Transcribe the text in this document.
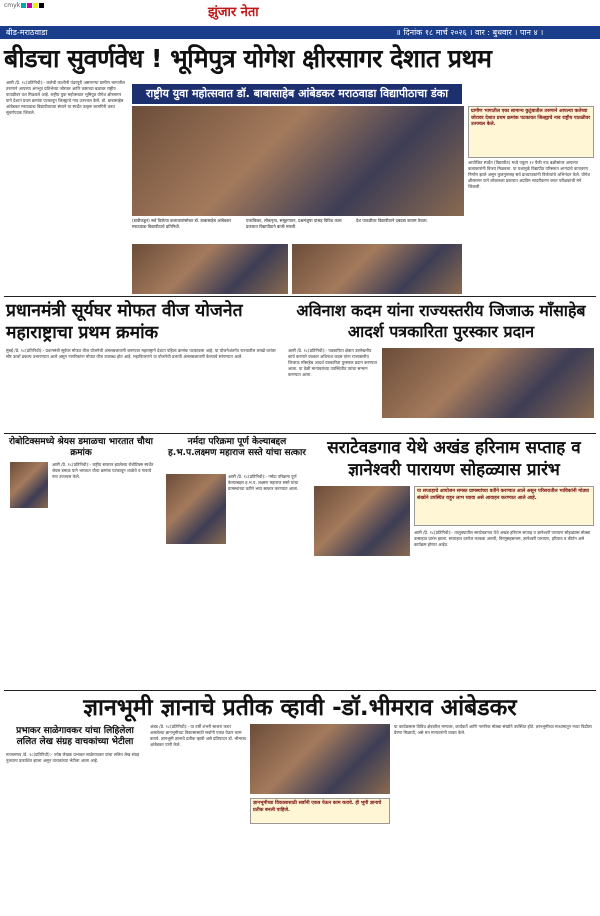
cmyk	झुंजार नेता
बीड-मराठवाडा	॥ दिनांक १८ मार्च २०२६ । वार : बुधवार । पान ४ ।
बीडचा सुवर्णवेध ! भूमिपुत्र योगेश क्षीरसागर देशात प्रथम
आष्टी /प्रे. १८(प्रतिनिधी):- कलेची काशीनी पंढरपूरी असणाऱ्या ग्रामीण भागातील तरुणाने आपल्या अंगभूत प्रतिभेच्या जोरावर आणि कष्टाच्या बळावर राष्ट्रीय पातळीवर यश मिळवले आहे. राष्ट्रीय युवा महोत्सवात भूमिपुत्र योगेश क्षीरसागर याने देशात प्रथम क्रमांक पटकावून जिल्ह्याचे नाव उज्ज्वल केले. डॉ. बाबासाहेब आंबेडकर मराठवाडा विद्यापीठाच्या संघाने या स्पर्धेत उत्कृष्ट कामगिरी करत सुवर्णपदक जिंकले.
राष्ट्रीय युवा महोत्सवात डॉ. बाबासाहेब आंबेडकर मराठवाडा विद्यापीठाचा डंका
(डावीकडून) सर्व विजेत्या कलाकारांसोबत डॉ. बाबासाहेब आंबेडकर मराठवाडा विद्यापीठाचे प्रतिनिधी.
एकांकिका, लोकनृत्य, समूहगायन, प्रश्नमंजुषा यांसह विविध कला प्रकारात विद्यापीठाने बाजी मारली.
देश पातळीवर विद्यापीठाने दबदबा कायम ठेवला.
ग्रामीण भागातील एका सामान्य कुटुंबातील तरुणाने आपल्या कलेच्या जोरावर देशात प्रथम क्रमांक पटकावत जिल्ह्याचे नाव राष्ट्रीय पातळीवर उज्ज्वल केले.
आयोजित स्पर्धेत (विद्यापीठ) मध्ये एकूण १२ पैकी नऊ बक्षीसांवर आपल्या कलाकारांनी विजय मिळवला. या यशामुळे विद्यापीठ परिसरात आनंदाचे वातावरण निर्माण झाले असून कुलगुरूंसह सर्व प्राध्यापकांनी विजेत्यांचे अभिनंदन केले. योगेश क्षीरसागर याने लोककला प्रकारात अप्रतिम सादरीकरण करत परीक्षकांची मने जिंकली.
प्रधानमंत्री सूर्यघर मोफत वीज योजनेत महाराष्ट्राचा प्रथम क्रमांक
मुंबई /प्रे. १८(प्रतिनिधी):- प्रधानमंत्री सूर्यघर मोफत वीज योजनेची अंमलबजावणी करण्यात महाराष्ट्राने देशात पहिला क्रमांक पटकावला आहे. या योजनेअंतर्गत राज्यातील लाखो घरांवर सौर ऊर्जा प्रकल्प उभारण्यात आले असून नागरिकांना मोफत वीज उपलब्ध होत आहे. महावितरणने या योजनेची प्रभावी अंमलबजावणी केल्याचे सांगण्यात आले.
अविनाश कदम यांना राज्यस्तरीय जिजाऊ माँसाहेब आदर्श पत्रकारिता पुरस्कार प्रदान
आष्टी /प्रे. १८(प्रतिनिधी):- पत्रकारिता क्षेत्रात उल्लेखनीय कार्य करणारे पत्रकार अविनाश कदम यांना राज्यस्तरीय जिजाऊ माँसाहेब आदर्श पत्रकारिता पुरस्कार प्रदान करण्यात आला. या वेळी मान्यवरांच्या उपस्थितीत त्यांचा सन्मान करण्यात आला.
रोबोटिक्समध्ये श्रेयस डमाळचा भारतात चौथा क्रमांक
आष्टी /प्रे. १८(प्रतिनिधी):- राष्ट्रीय स्तरावर झालेल्या रोबोटिक्स स्पर्धेत श्रेयस डमाळ याने भारतात चौथा क्रमांक पटकावून शाळेचे व गावाचे नाव उज्ज्वल केले.
नर्मदा परिक्रमा पूर्ण केल्याबद्दल ह.भ.प.लक्ष्मण महाराज सस्ते यांचा सत्कार
आष्टी /प्रे. १८(प्रतिनिधी):- नर्मदा परिक्रमा पूर्ण केल्याबद्दल ह.भ.प. लक्ष्मण महाराज सस्ते यांचा ग्रामस्थांच्या वतीने भव्य सत्कार करण्यात आला.
सराटेवडगाव येथे अखंड हरिनाम सप्ताह व ज्ञानेश्वरी पारायण सोहळ्यास प्रारंभ
या सप्ताहाचे आयोजन समस्त ग्रामस्थांच्या वतीने करण्यात आले असून परिसरातील भाविकांनी मोठ्या संख्येने उपस्थित राहून लाभ घ्यावा असे आवाहन करण्यात आले आहे.
आष्टी /प्रे. १८(प्रतिनिधी):- तालुक्यातील सराटेवडगाव येथे अखंड हरिनाम सप्ताह व ज्ञानेश्वरी पारायण सोहळ्यास मोठ्या उत्साहात प्रारंभ झाला. सप्ताहात दररोज काकडा आरती, विष्णुसहस्रनाम, ज्ञानेश्वरी पारायण, हरिपाठ व कीर्तन असे कार्यक्रम होणार आहेत.
ज्ञानभूमी ज्ञानाचे प्रतीक व्हावी -डॉ.भीमराव आंबेडकर
अंबड /प्रे. १८(प्रतिनिधी):- या वर्षी शंभरी साजरा करत असलेल्या ज्ञानभूमीच्या विकासासाठी सर्वांनी एकत्र येऊन काम करावे. ज्ञानभूमी ज्ञानाचे प्रतीक व्हावी असे प्रतिपादन डॉ. भीमराव आंबेडकर यांनी केले.
ज्ञानभूमीच्या विकासासाठी सर्वांनी एकत्र येऊन काम करावे. ही भूमी ज्ञानाचे प्रतीक बनली पाहिजे.
या कार्यक्रमास विविध क्षेत्रातील मान्यवर, कार्यकर्ते आणि नागरिक मोठ्या संख्येने उपस्थित होते. ज्ञानभूमीच्या माध्यमातून नव्या पिढीला प्रेरणा मिळावी, असे मत मान्यवरांनी व्यक्त केले.
प्रभाकर साळेगावकर यांचा लिहिलेला ललित लेख संग्रह वाचकांच्या भेटीला
माजलगाव /प्रे. १८(प्रतिनिधी):- ज्येष्ठ लेखक प्रभाकर साळेगावकर यांचा ललित लेख संग्रह नुकताच प्रकाशित झाला असून वाचकांच्या भेटीला आला आहे.
